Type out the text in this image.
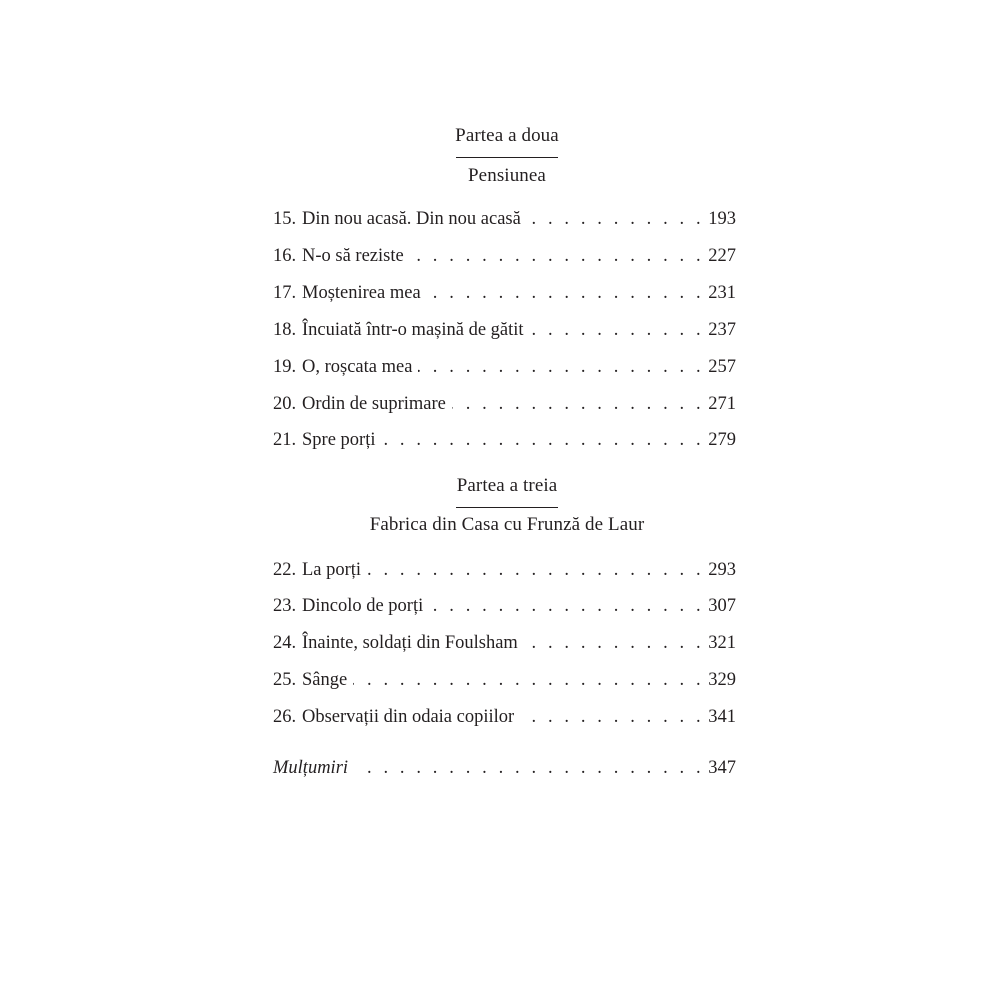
Partea a doua
Pensiunea
15. Din nou acasă. Din nou acasă . . .	193
16. N-o să reziste . . .	227
17. Moștenirea mea . . .	231
18. Încuiată într-o mașină de gătit . . .	237
19. O, roșcata mea . . .	257
20. Ordin de suprimare . . .	271
21. Spre porți . . .	279
Partea a treia
Fabrica din Casa cu Frunză de Laur
22. La porți . . .	293
23. Dincolo de porți . . .	307
24. Înainte, soldați din Foulsham . . .	321
25. Sânge . . .	329
26. Observații din odaia copiilor . . .	341
Mulțumiri . . .	347
